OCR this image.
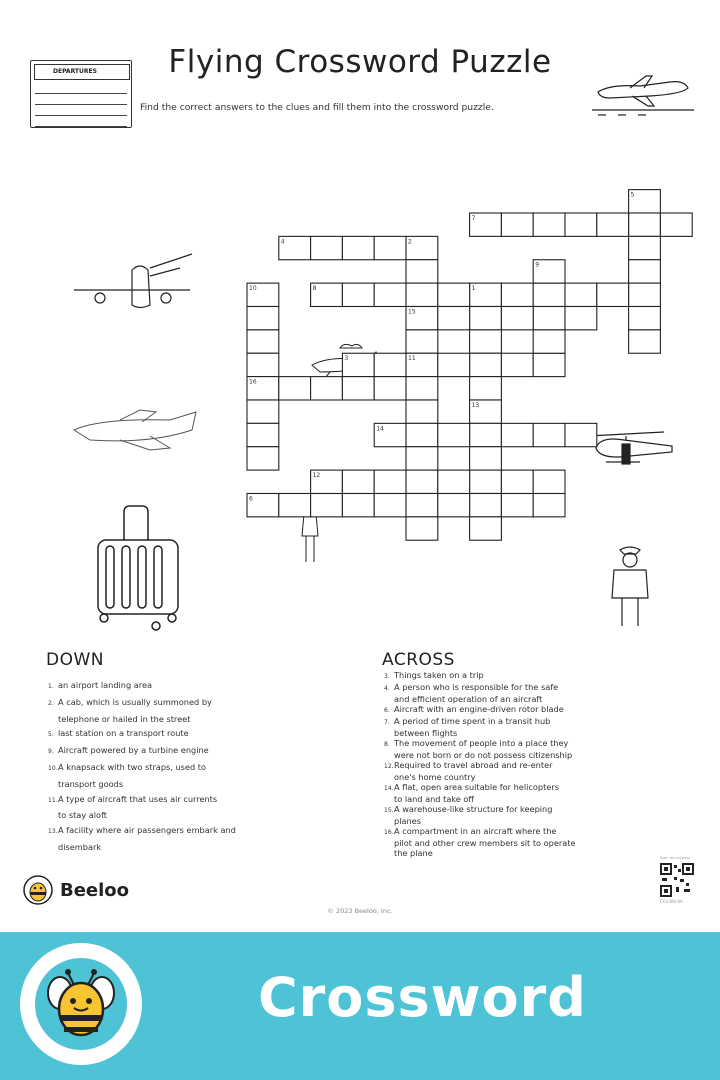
DEPARTURES	Flying Crossword Puzzle
Find the correct answers to the clues and fill them into the crossword puzzle.
1
2
3
4
5
6
7
8
9
10
11
12
13
14
15
16
DOWN
1. an airport landing area
2. A cab, which is usually summoned by
telephone or hailed in the street
5. last station on a transport route
9. Aircraft powered by a turbine engine
10.A knapsack with two straps, used to
transport goods
11.A type of aircraft that uses air currents
to stay aloft
13.A facility where air passengers embark and
disembark
ACROSS
3. Things taken on a trip
4. A person who is responsible for the safe
and efficient operation of an aircraft
6. Aircraft with an engine-driven rotor blade
7. A period of time spent in a transit hub
between flights
8. The movement of people into a place they
were not born or do not possess citizenship
12.Required to travel abroad and re-enter
one's home country
14.A flat, open area suitable for helicopters
to land and take off
15.A warehouse-like structure for keeping
planes
16.A compartment in an aircraft where the
pilot and other crew members sit to operate
the plane
Beeloo
© 2023 Beeloo, Inc.
Scan for answers
CG1380-0A
Crossword
